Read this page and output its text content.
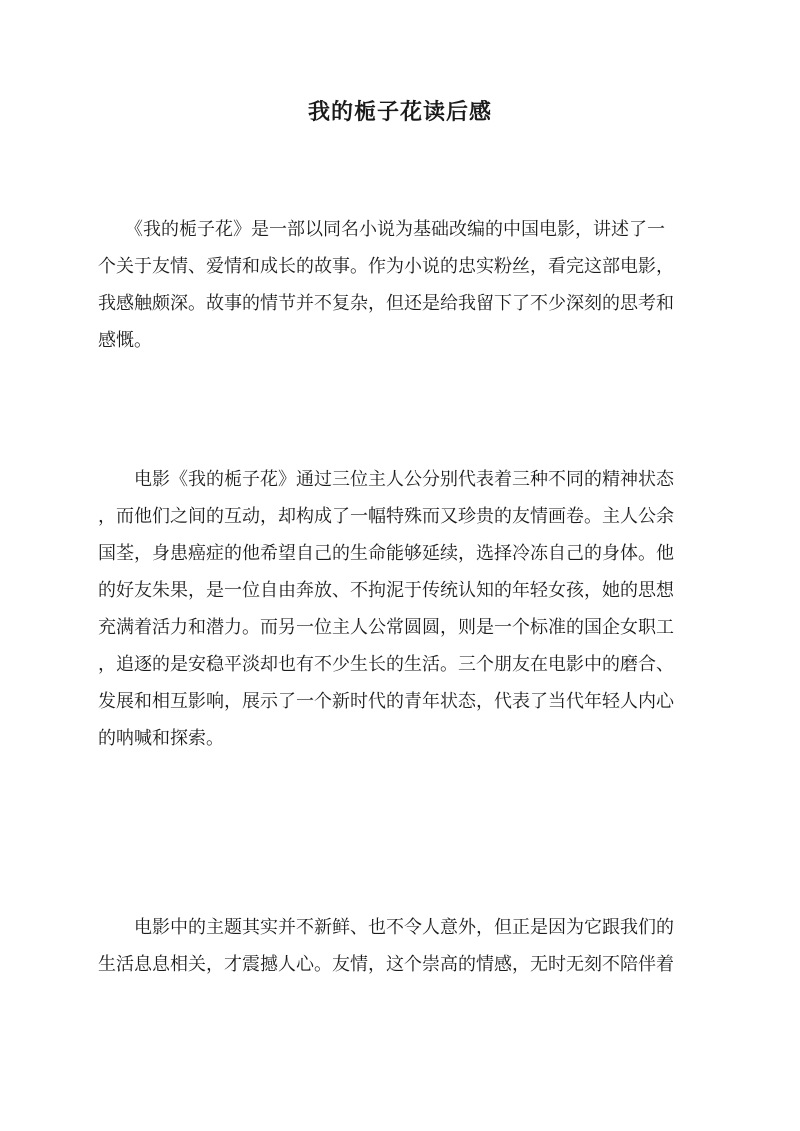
我的栀子花读后感
　　《我的栀子花》是一部以同名小说为基础改编的中国电影，讲述了一
个关于友情、爱情和成长的故事。作为小说的忠实粉丝，看完这部电影，
我感触颇深。故事的情节并不复杂，但还是给我留下了不少深刻的思考和
感慨。
　　电影《我的栀子花》通过三位主人公分别代表着三种不同的精神状态
，而他们之间的互动，却构成了一幅特殊而又珍贵的友情画卷。主人公余
国荃，身患癌症的他希望自己的生命能够延续，选择冷冻自己的身体。他
的好友朱果，是一位自由奔放、不拘泥于传统认知的年轻女孩，她的思想
充满着活力和潜力。而另一位主人公常圆圆，则是一个标准的国企女职工
，追逐的是安稳平淡却也有不少生长的生活。三个朋友在电影中的磨合、
发展和相互影响，展示了一个新时代的青年状态，代表了当代年轻人内心
的呐喊和探索。
　　电影中的主题其实并不新鲜、也不令人意外，但正是因为它跟我们的
生活息息相关，才震撼人心。友情，这个崇高的情感，无时无刻不陪伴着
